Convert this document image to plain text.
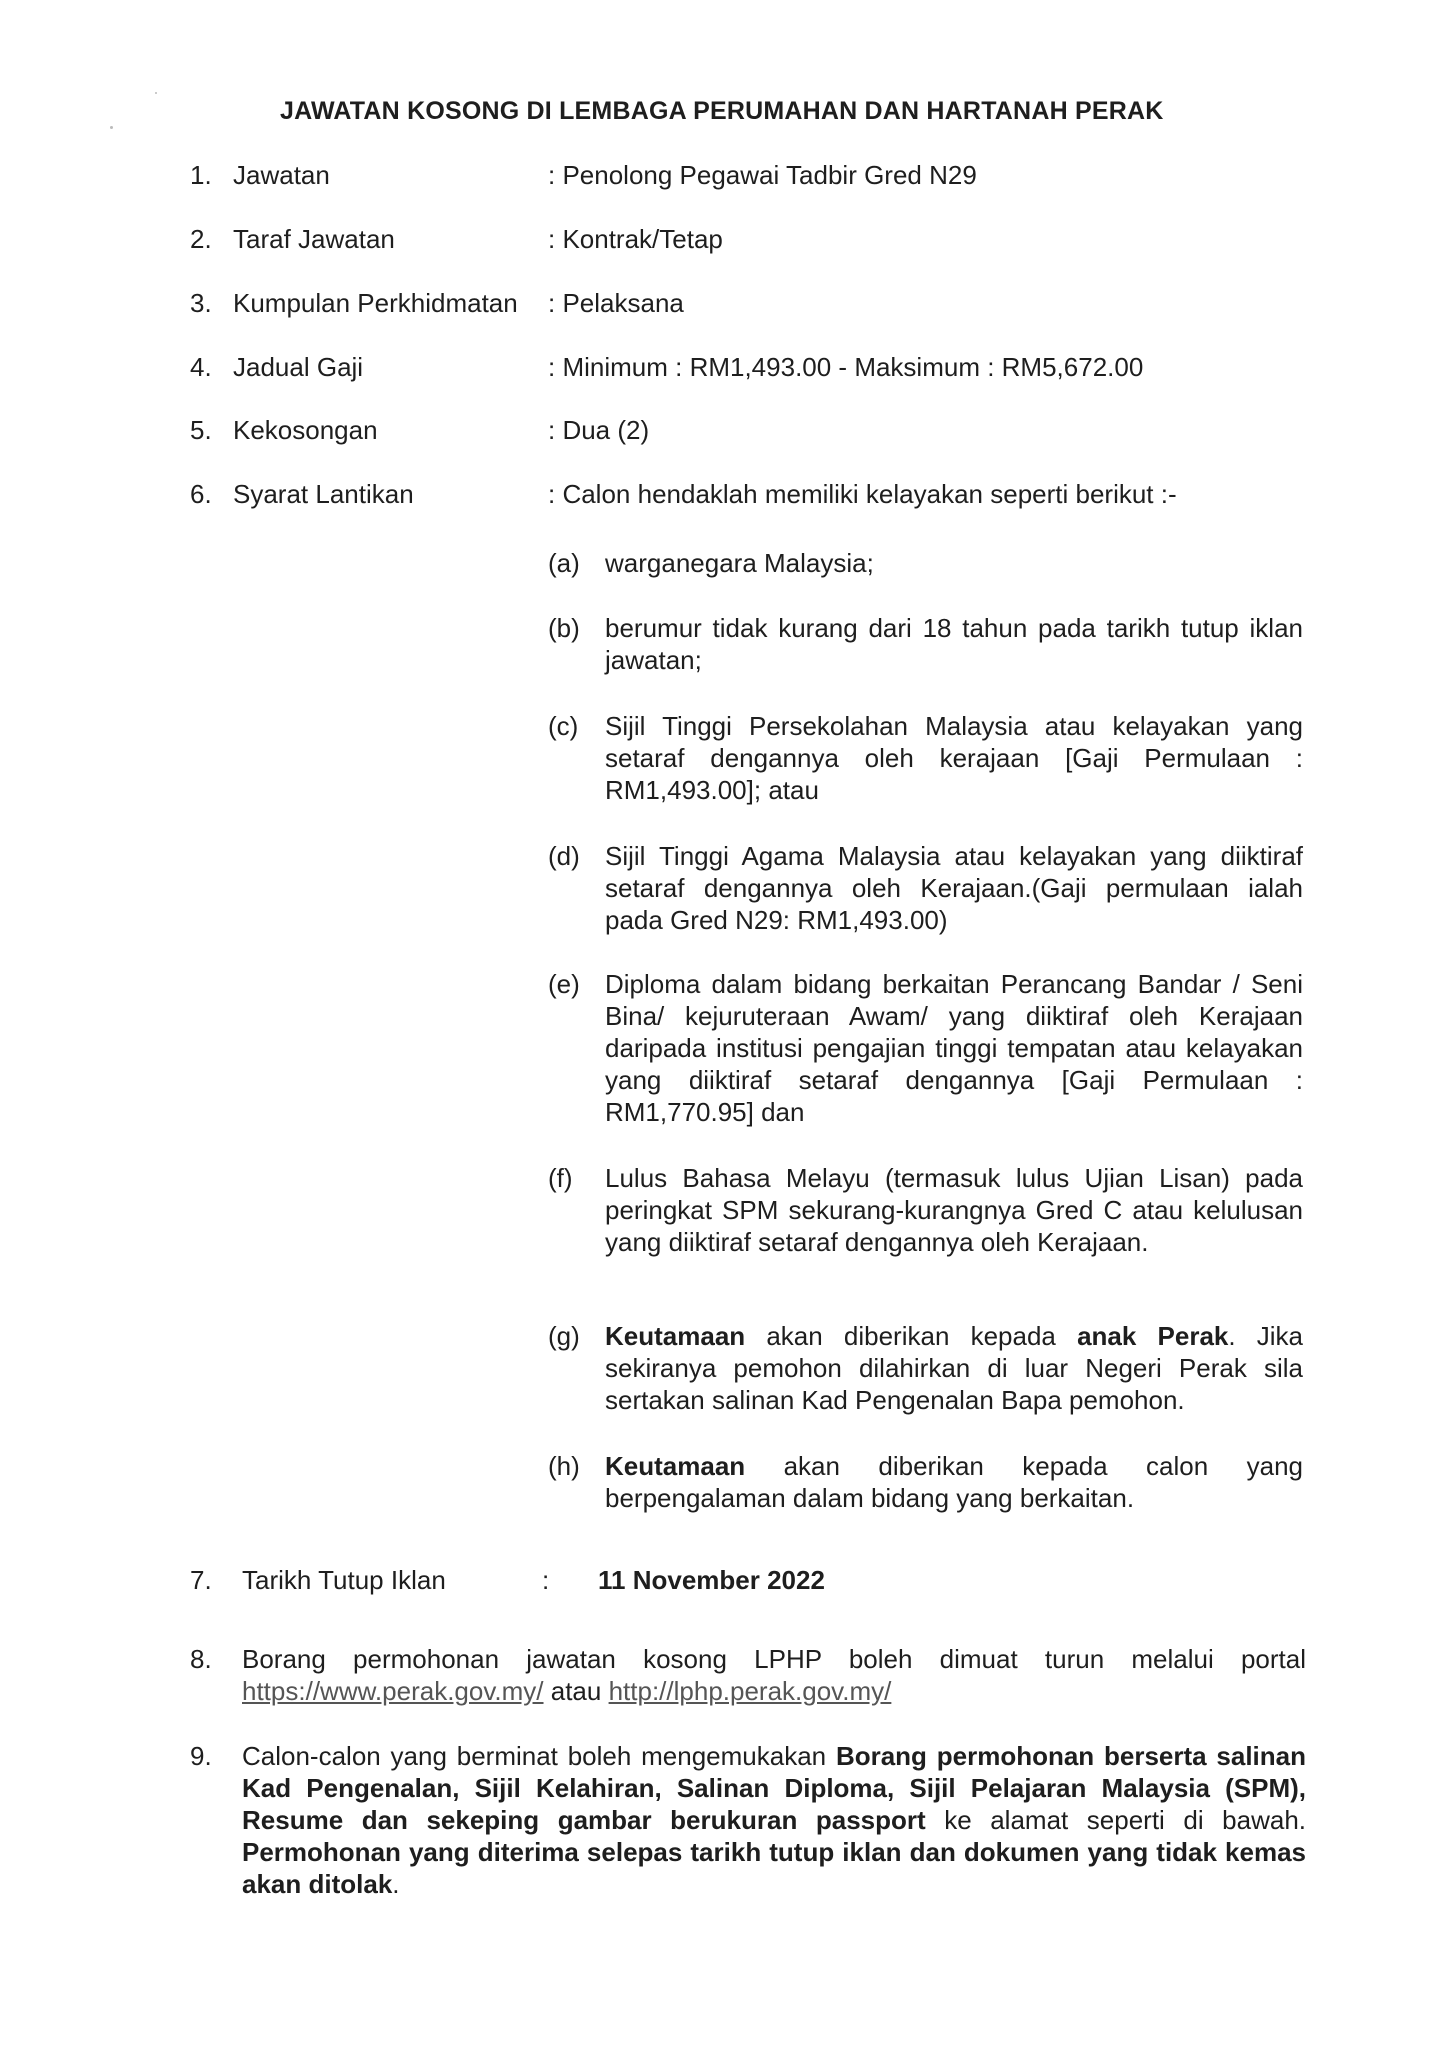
JAWATAN KOSONG DI LEMBAGA PERUMAHAN DAN HARTANAH PERAK
1. Jawatan	: Penolong Pegawai Tadbir Gred N29
2. Taraf Jawatan	: Kontrak/Tetap
3. Kumpulan Perkhidmatan : Pelaksana
4. Jadual Gaji	: Minimum : RM1,493.00 - Maksimum : RM5,672.00
5. Kekosongan	: Dua (2)
6. Syarat Lantikan	: Calon hendaklah memiliki kelayakan seperti berikut :-
(a) warganegara Malaysia;
(b) berumur tidak kurang dari 18 tahun pada tarikh tutup iklan jawatan;
(c) Sijil Tinggi Persekolahan Malaysia atau kelayakan yang setaraf dengannya oleh kerajaan [Gaji Permulaan : RM1,493.00]; atau
(d) Sijil Tinggi Agama Malaysia atau kelayakan yang diiktiraf setaraf dengannya oleh Kerajaan.(Gaji permulaan ialah pada Gred N29: RM1,493.00)
(e) Diploma dalam bidang berkaitan Perancang Bandar / Seni Bina/ kejuruteraan Awam/ yang diiktiraf oleh Kerajaan daripada institusi pengajian tinggi tempatan atau kelayakan yang diiktiraf setaraf dengannya [Gaji Permulaan : RM1,770.95] dan
(f) Lulus Bahasa Melayu (termasuk lulus Ujian Lisan) pada peringkat SPM sekurang-kurangnya Gred C atau kelulusan yang diiktiraf setaraf dengannya oleh Kerajaan.
(g) Keutamaan akan diberikan kepada anak Perak. Jika sekiranya pemohon dilahirkan di luar Negeri Perak sila sertakan salinan Kad Pengenalan Bapa pemohon.
(h) Keutamaan akan diberikan kepada calon yang berpengalaman dalam bidang yang berkaitan.
7. Tarikh Tutup Iklan	: 11 November 2022
8. Borang permohonan jawatan kosong LPHP boleh dimuat turun melalui portal https://www.perak.gov.my/ atau http://lphp.perak.gov.my/
9. Calon-calon yang berminat boleh mengemukakan Borang permohonan berserta salinan Kad Pengenalan, Sijil Kelahiran, Salinan Diploma, Sijil Pelajaran Malaysia (SPM), Resume dan sekeping gambar berukuran passport ke alamat seperti di bawah. Permohonan yang diterima selepas tarikh tutup iklan dan dokumen yang tidak kemas akan ditolak.
